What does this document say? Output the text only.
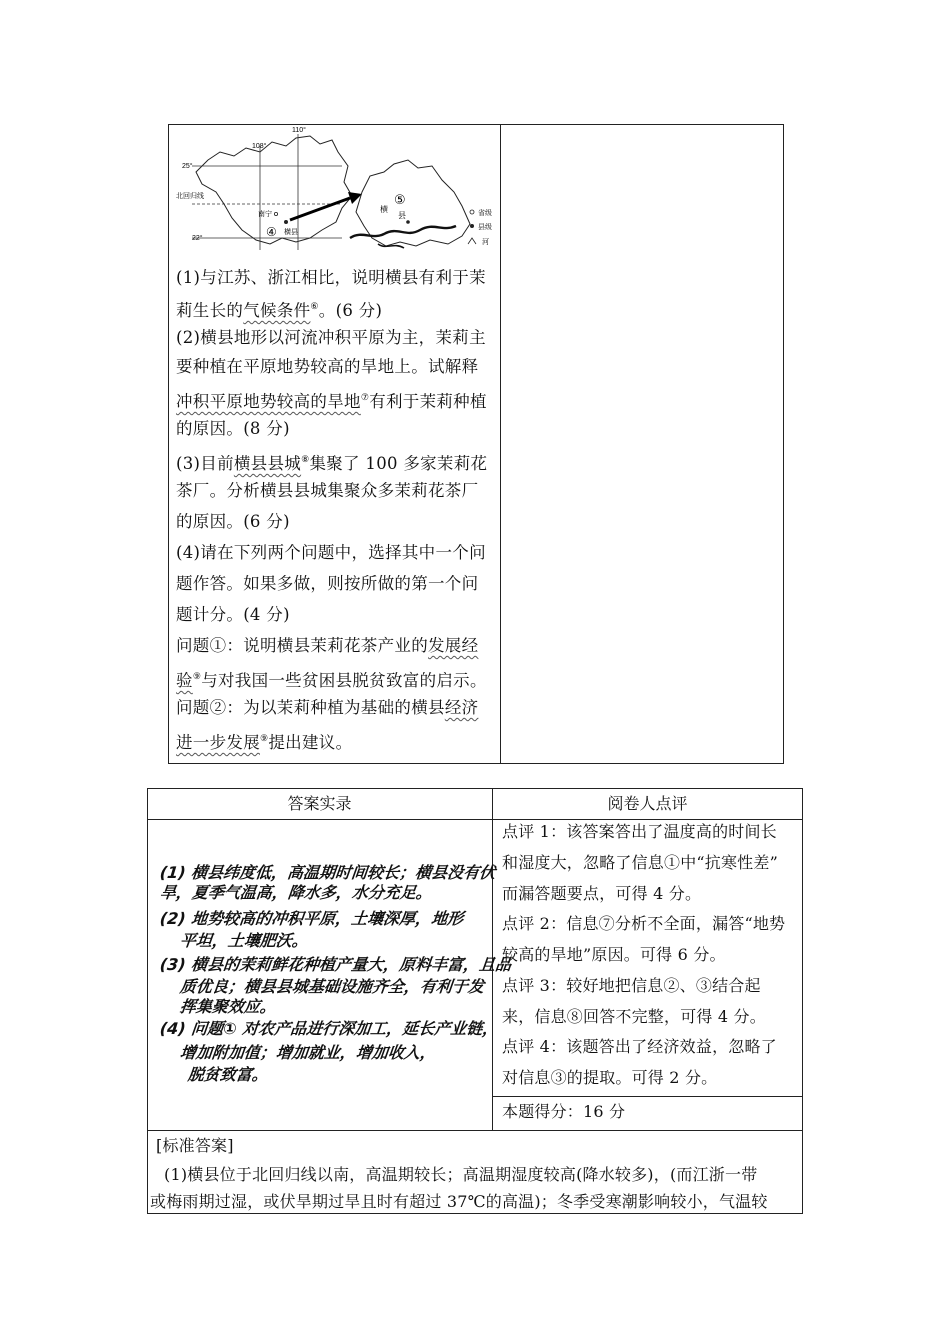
110°
108°
25°
北回归线
22°
南宁
④ 横县
⑤
横
县	省级
县级
河
(1)与江苏、浙江相比，说明横县有利于茉
莉生长的气候条件⑥。(6 分)
(2)横县地形以河流冲积平原为主，茉莉主
要种植在平原地势较高的旱地上。试解释
冲积平原地势较高的旱地⑦有利于茉莉种植
的原因。(8 分)
(3)目前横县县城⑧集聚了 100 多家茉莉花
茶厂。分析横县县城集聚众多茉莉花茶厂
的原因。(6 分)
(4)请在下列两个问题中，选择其中一个问
题作答。如果多做，则按所做的第一个问
题计分。(4 分)
问题①：说明横县茉莉花茶产业的发展经
验⑨与对我国一些贫困县脱贫致富的启示。
问题②：为以茉莉种植为基础的横县经济
进一步发展⑨提出建议。
答案实录	阅卷人点评
(1) 横县纬度低，高温期时间较长；横县没有伏
旱，夏季气温高，降水多，水分充足。
(2) 地势较高的冲积平原，土壤深厚，地形
平坦，土壤肥沃。
(3) 横县的茉莉鲜花种植产量大，原料丰富，且品
质优良；横县县城基础设施齐全，有利于发
挥集聚效应。
(4) 问题① 对农产品进行深加工，延长产业链，
增加附加值；增加就业，增加收入，
脱贫致富。
点评 1：该答案答出了温度高的时间长
和湿度大，忽略了信息①中“抗寒性差”
而漏答题要点，可得 4 分。
点评 2：信息⑦分析不全面，漏答“地势
较高的旱地”原因。可得 6 分。
点评 3：较好地把信息②、③结合起
来，信息⑧回答不完整，可得 4 分。
点评 4：该题答出了经济效益，忽略了
对信息③的提取。可得 2 分。
本题得分：16 分
[标准答案]
(1)横县位于北回归线以南，高温期较长；高温期湿度较高(降水较多)，(而江浙一带
或梅雨期过湿，或伏旱期过旱且时有超过 37℃的高温)；冬季受寒潮影响较小，气温较
